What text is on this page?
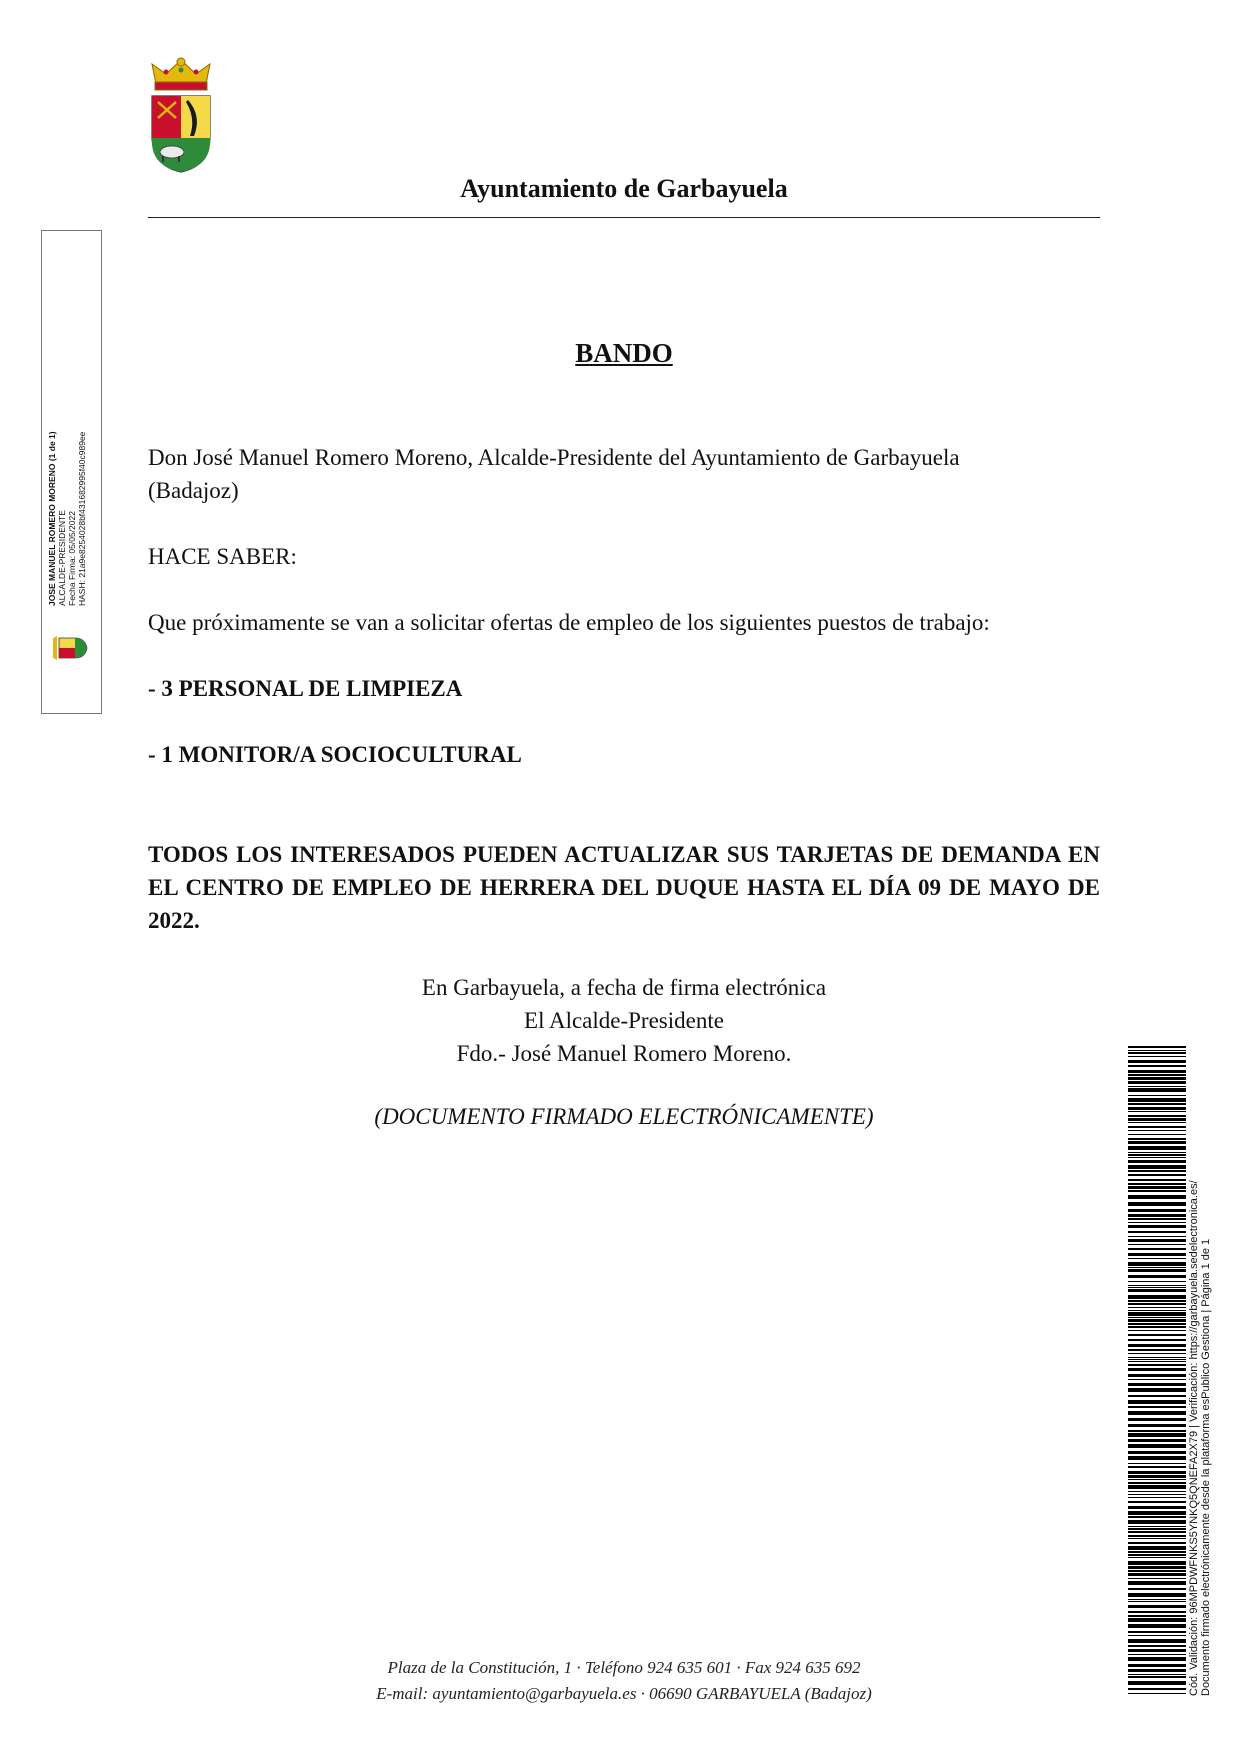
Ayuntamiento de Garbayuela
JOSE MANUEL ROMERO MORENO (1 de 1) ALCALDE-PRESIDENTE Fecha Firma: 05/05/2022 HASH: 21a9e825402​8bf431682995f40c989ee
BANDO
Don José Manuel Romero Moreno, Alcalde-Presidente del Ayuntamiento de Garbayuela
(Badajoz)
HACE SABER:
Que próximamente se van a solicitar ofertas de empleo de los siguientes puestos de trabajo:
- 3 PERSONAL DE LIMPIEZA
- 1 MONITOR/A SOCIOCULTURAL
TODOS LOS INTERESADOS PUEDEN ACTUALIZAR SUS TARJETAS DE DEMANDA EN EL CENTRO DE EMPLEO DE HERRERA DEL DUQUE HASTA EL DÍA 09 DE MAYO DE 2022.
En Garbayuela, a fecha de firma electrónica
El Alcalde-Presidente
Fdo.- José Manuel Romero Moreno.
(DOCUMENTO FIRMADO ELECTRÓNICAMENTE)
Plaza de la Constitución, 1 · Teléfono 924 635 601 · Fax 924 635 692
E-mail: ayuntamiento@garbayuela.es · 06690 GARBAYUELA (Badajoz)	Cód. Validación: 96MPDWFNKS5YNKQ5QNEFA2X79 | Verificación: https://garbayuela.sedelectronica.es/ Documento firmado electrónicamente desde la plataforma esPublico Gestiona | Página 1 de 1
